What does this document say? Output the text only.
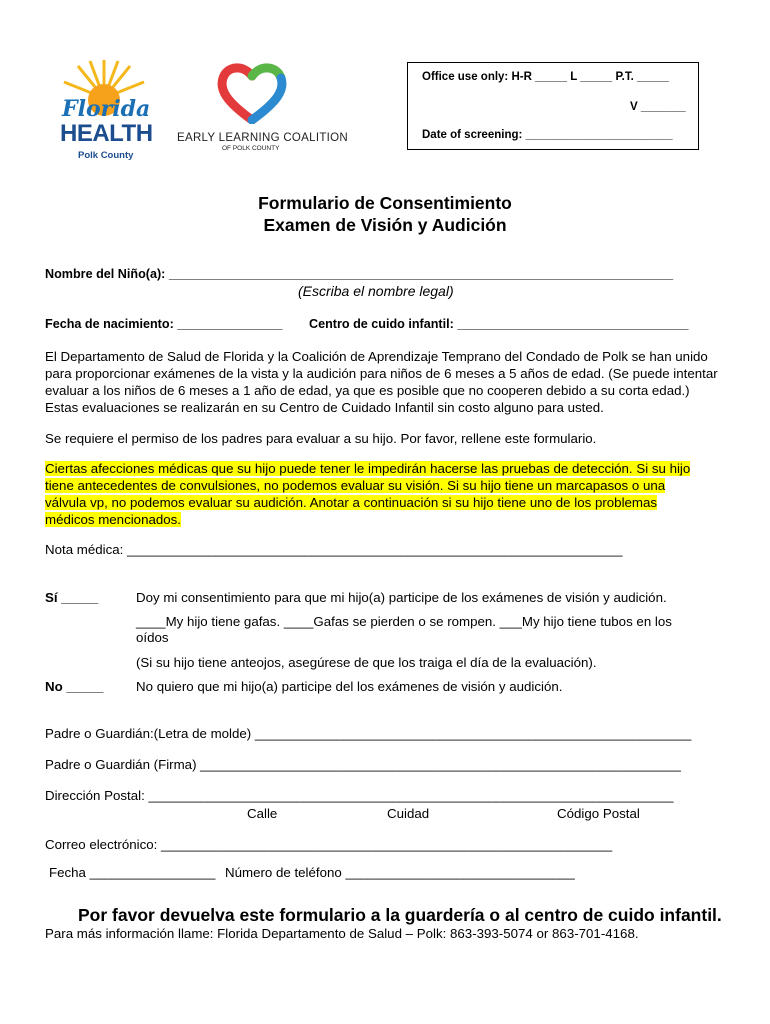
Florida
HEALTH
Polk County
EARLY LEARNING COALITION
OF POLK COUNTY
Office use only: H-R _____ L _____ P.T. _____
V _______
Date of screening: _______________________
Formulario de Consentimiento
Examen de Visión y Audición
Nombre del Niño(a): ________________________________________________________________________
(Escriba el nombre legal)
Fecha de nacimiento: _______________ Centro de cuido infantil: _________________________________
El Departamento de Salud de Florida y la Coalición de Aprendizaje Temprano del Condado de Polk se han unido
para proporcionar exámenes de la vista y la audición para niños de 6 meses a 5 años de edad. (Se puede intentar
evaluar a los niños de 6 meses a 1 año de edad, ya que es posible que no cooperen debido a su corta edad.)
Estas evaluaciones se realizarán en su Centro de Cuidado Infantil sin costo alguno para usted.
Se requiere el permiso de los padres para evaluar a su hijo. Por favor, rellene este formulario.
Ciertas afecciones médicas que su hijo puede tener le impedirán hacerse las pruebas de detección. Si su hijo
tiene antecedentes de convulsiones, no podemos evaluar su visión. Si su hijo tiene un marcapasos o una
válvula vp, no podemos evaluar su audición. Anotar a continuación si su hijo tiene uno de los problemas
médicos mencionados.
Nota médica: ___________________________________________________________________
Sí _____	Doy mi consentimiento para que mi hijo(a) participe de los exámenes de visión y audición.
____My hijo tiene gafas. ____Gafas se pierden o se rompen. ___My hijo tiene tubos en los
oídos
(Si su hijo tiene anteojos, asegúrese de que los traiga el día de la evaluación).
No _____ No quiero que mi hijo(a) participe del los exámenes de visión y audición.
Padre o Guardián:(Letra de molde) ___________________________________________________________
Padre o Guardián (Firma) _________________________________________________________________
Dirección Postal: _______________________________________________________________________
Calle	Cuidad	Código Postal
Correo electrónico: _____________________________________________________________
Fecha _________________ Número de teléfono _______________________________
Por favor devuelva este formulario a la guardería o al centro de cuido infantil.
Para más información llame: Florida Departamento de Salud – Polk: 863-393-5074 or 863-701-4168.
